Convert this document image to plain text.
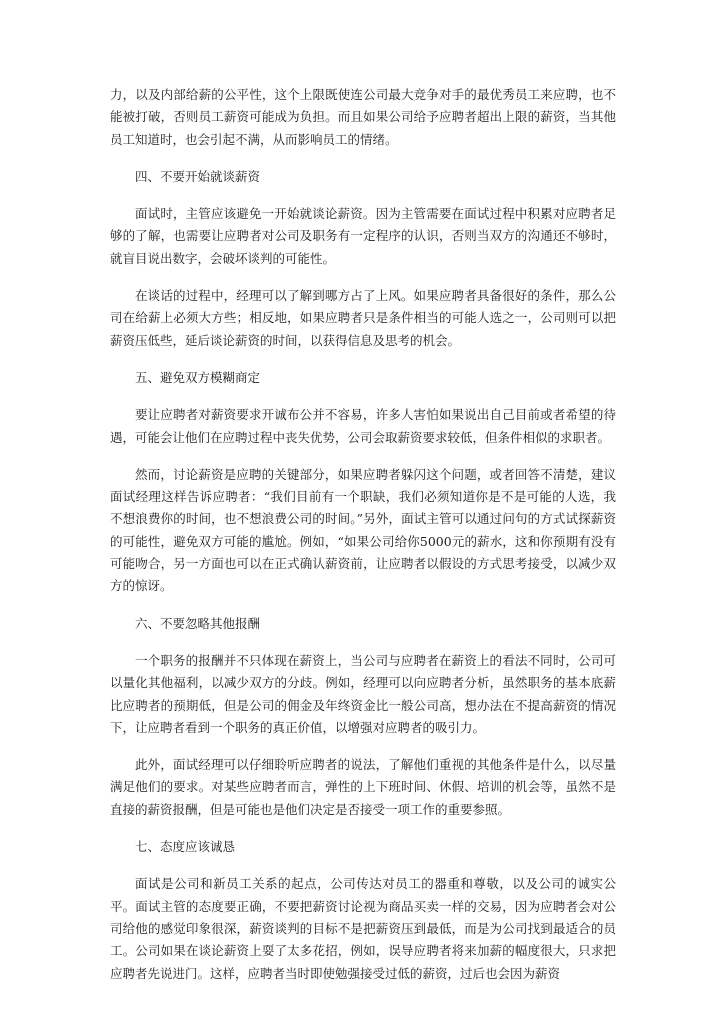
力，以及内部给薪的公平性，这个上限既使连公司最大竞争对手的最优秀员工来应聘，也不能被打破，否则员工薪资可能成为负担。而且如果公司给予应聘者超出上限的薪资，当其他员工知道时，也会引起不满，从而影响员工的情绪。

四、不要开始就谈薪资

面试时，主管应该避免一开始就谈论薪资。因为主管需要在面试过程中积累对应聘者足够的了解，也需要让应聘者对公司及职务有一定程序的认识，否则当双方的沟通还不够时，就盲目说出数字，会破坏谈判的可能性。

在谈话的过程中，经理可以了解到哪方占了上风。如果应聘者具备很好的条件，那么公司在给薪上必须大方些；相反地，如果应聘者只是条件相当的可能人选之一，公司则可以把薪资压低些，延后谈论薪资的时间，以获得信息及思考的机会。

五、避免双方模糊商定

要让应聘者对薪资要求开诚布公并不容易，许多人害怕如果说出自己目前或者希望的待遇，可能会让他们在应聘过程中丧失优势，公司会取薪资要求较低，但条件相似的求职者。

然而，讨论薪资是应聘的关键部分，如果应聘者躲闪这个问题，或者回答不清楚，建议面试经理这样告诉应聘者：“我们目前有一个职缺，我们必须知道你是不是可能的人选，我不想浪费你的时间，也不想浪费公司的时间。”另外，面试主管可以通过问句的方式试探薪资的可能性，避免双方可能的尴尬。例如，“如果公司给你5000元的薪水，这和你预期有没有可能吻合，另一方面也可以在正式确认薪资前，让应聘者以假设的方式思考接受，以减少双方的惊讶。

六、不要忽略其他报酬

一个职务的报酬并不只体现在薪资上，当公司与应聘者在薪资上的看法不同时，公司可以量化其他福利，以减少双方的分歧。例如，经理可以向应聘者分析，虽然职务的基本底薪比应聘者的预期低，但是公司的佣金及年终资金比一般公司高，想办法在不提高薪资的情况下，让应聘者看到一个职务的真正价值，以增强对应聘者的吸引力。

此外，面试经理可以仔细聆听应聘者的说法，了解他们重视的其他条件是什么，以尽量满足他们的要求。对某些应聘者而言，弹性的上下班时间、休假、培训的机会等，虽然不是直接的薪资报酬，但是可能也是他们决定是否接受一项工作的重要参照。

七、态度应该诚恳

面试是公司和新员工关系的起点，公司传达对员工的器重和尊敬，以及公司的诚实公平。面试主管的态度要正确，不要把薪资讨论视为商品买卖一样的交易，因为应聘者会对公司给他的感觉印象很深，薪资谈判的目标不是把薪资压到最低，而是为公司找到最适合的员工。公司如果在谈论薪资上耍了太多花招，例如，误导应聘者将来加薪的幅度很大，只求把应聘者先说进门。这样，应聘者当时即使勉强接受过低的薪资，过后也会因为薪资
